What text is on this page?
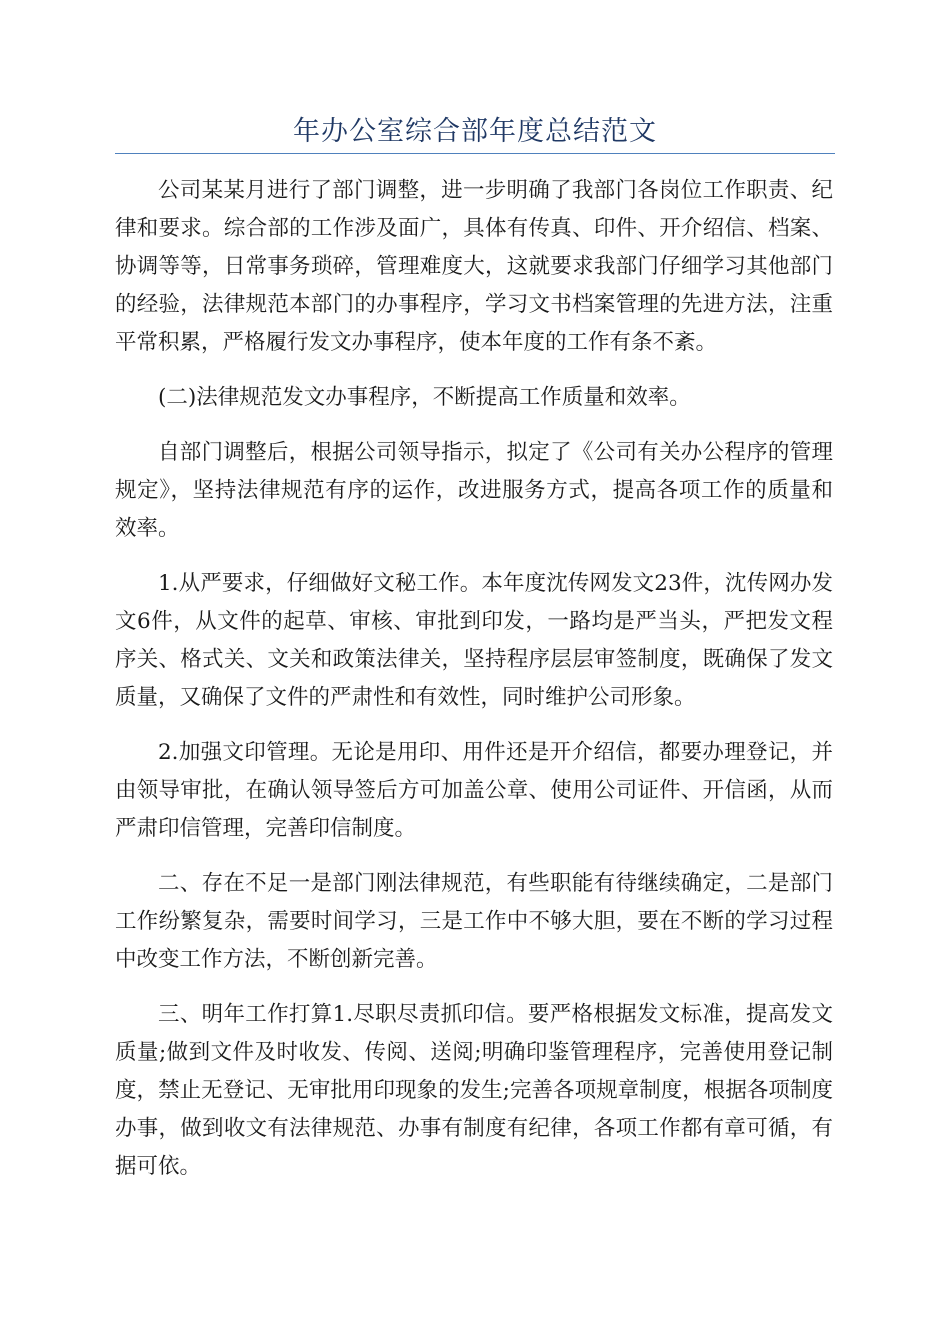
年办公室综合部年度总结范文

公司某某月进行了部门调整，进一步明确了我部门各岗位工作职责、纪律和要求。综合部的工作涉及面广，具体有传真、印件、开介绍信、档案、协调等等，日常事务琐碎，管理难度大，这就要求我部门仔细学习其他部门的经验，法律规范本部门的办事程序，学习文书档案管理的先进方法，注重平常积累，严格履行发文办事程序，使本年度的工作有条不紊。

(二)法律规范发文办事程序，不断提高工作质量和效率。

自部门调整后，根据公司领导指示，拟定了《公司有关办公程序的管理规定》，坚持法律规范有序的运作，改进服务方式，提高各项工作的质量和效率。

1.从严要求，仔细做好文秘工作。本年度沈传网发文23件，沈传网办发文6件，从文件的起草、审核、审批到印发，一路均是严当头，严把发文程序关、格式关、文关和政策法律关，坚持程序层层审签制度，既确保了发文质量，又确保了文件的严肃性和有效性，同时维护公司形象。

2.加强文印管理。无论是用印、用件还是开介绍信，都要办理登记，并由领导审批，在确认领导签后方可加盖公章、使用公司证件、开信函，从而严肃印信管理，完善印信制度。

二、存在不足一是部门刚法律规范，有些职能有待继续确定，二是部门工作纷繁复杂，需要时间学习，三是工作中不够大胆，要在不断的学习过程中改变工作方法，不断创新完善。

三、明年工作打算1.尽职尽责抓印信。要严格根据发文标准，提高发文质量;做到文件及时收发、传阅、送阅;明确印鉴管理程序，完善使用登记制度，禁止无登记、无审批用印现象的发生;完善各项规章制度，根据各项制度办事，做到收文有法律规范、办事有制度有纪律，各项工作都有章可循，有据可依。
